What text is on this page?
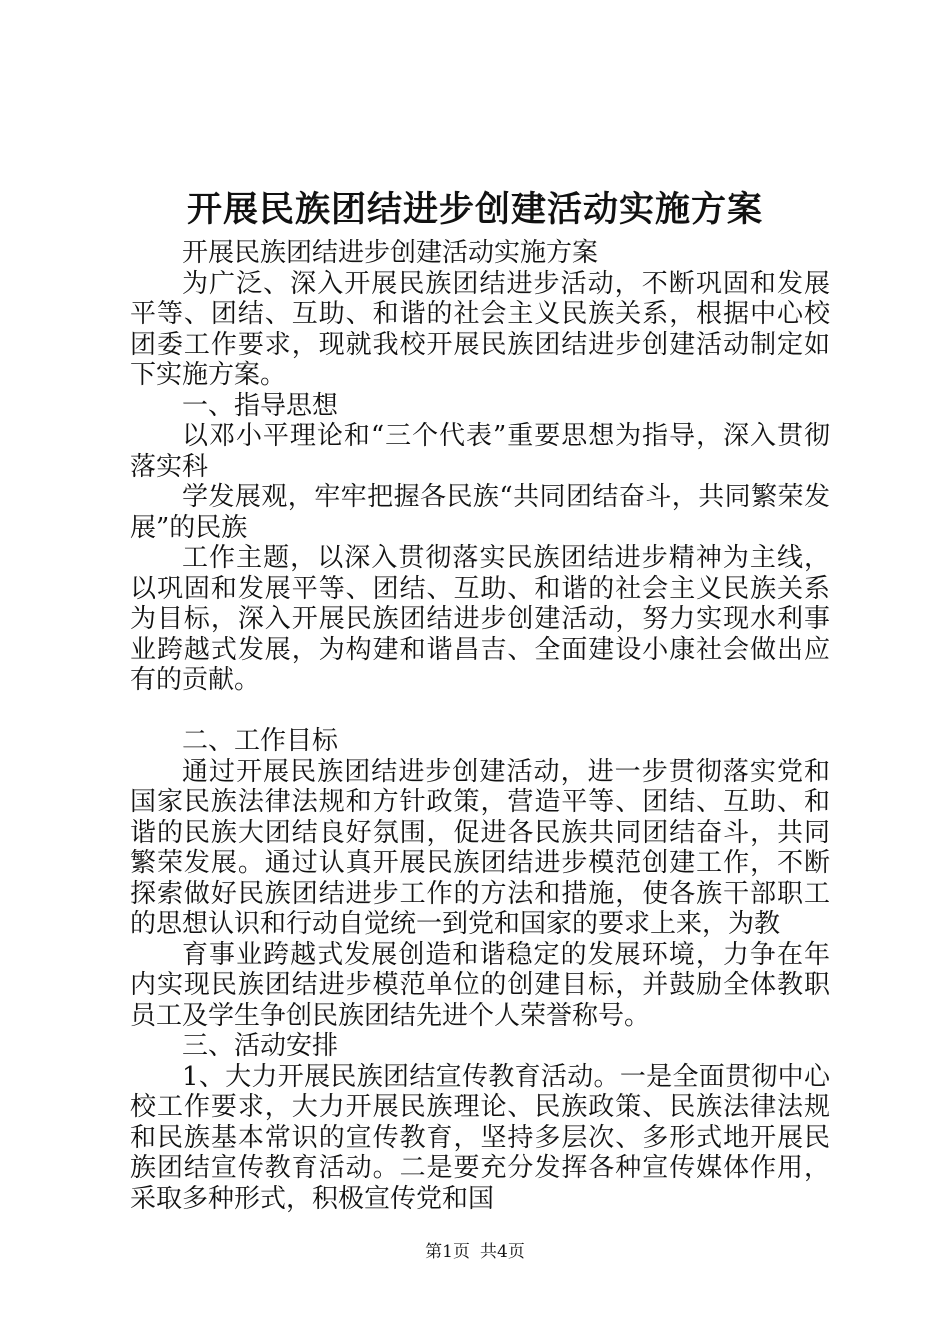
开展民族团结进步创建活动实施方案

开展民族团结进步创建活动实施方案

为广泛、深入开展民族团结进步活动，不断巩固和发展平等、团结、互助、和谐的社会主义民族关系，根据中心校团委工作要求，现就我校开展民族团结进步创建活动制定如下实施方案。

一、指导思想

以邓小平理论和“三个代表”重要思想为指导，深入贯彻落实科

学发展观，牢牢把握各民族“共同团结奋斗，共同繁荣发展”的民族

工作主题，以深入贯彻落实民族团结进步精神为主线，以巩固和发展平等、团结、互助、和谐的社会主义民族关系为目标，深入开展民族团结进步创建活动，努力实现水利事业跨越式发展，为构建和谐昌吉、全面建设小康社会做出应有的贡献。

二、工作目标

通过开展民族团结进步创建活动，进一步贯彻落实党和国家民族法律法规和方针政策，营造平等、团结、互助、和谐的民族大团结良好氛围，促进各民族共同团结奋斗，共同繁荣发展。通过认真开展民族团结进步模范创建工作，不断探索做好民族团结进步工作的方法和措施，使各族干部职工的思想认识和行动自觉统一到党和国家的要求上来，为教

育事业跨越式发展创造和谐稳定的发展环境，力争在年内实现民族团结进步模范单位的创建目标，并鼓励全体教职员工及学生争创民族团结先进个人荣誉称号。

三、活动安排

1、大力开展民族团结宣传教育活动。一是全面贯彻中心校工作要求，大力开展民族理论、民族政策、民族法律法规和民族基本常识的宣传教育，坚持多层次、多形式地开展民族团结宣传教育活动。二是要充分发挥各种宣传媒体作用，采取多种形式，积极宣传党和国

第1页 共4页
